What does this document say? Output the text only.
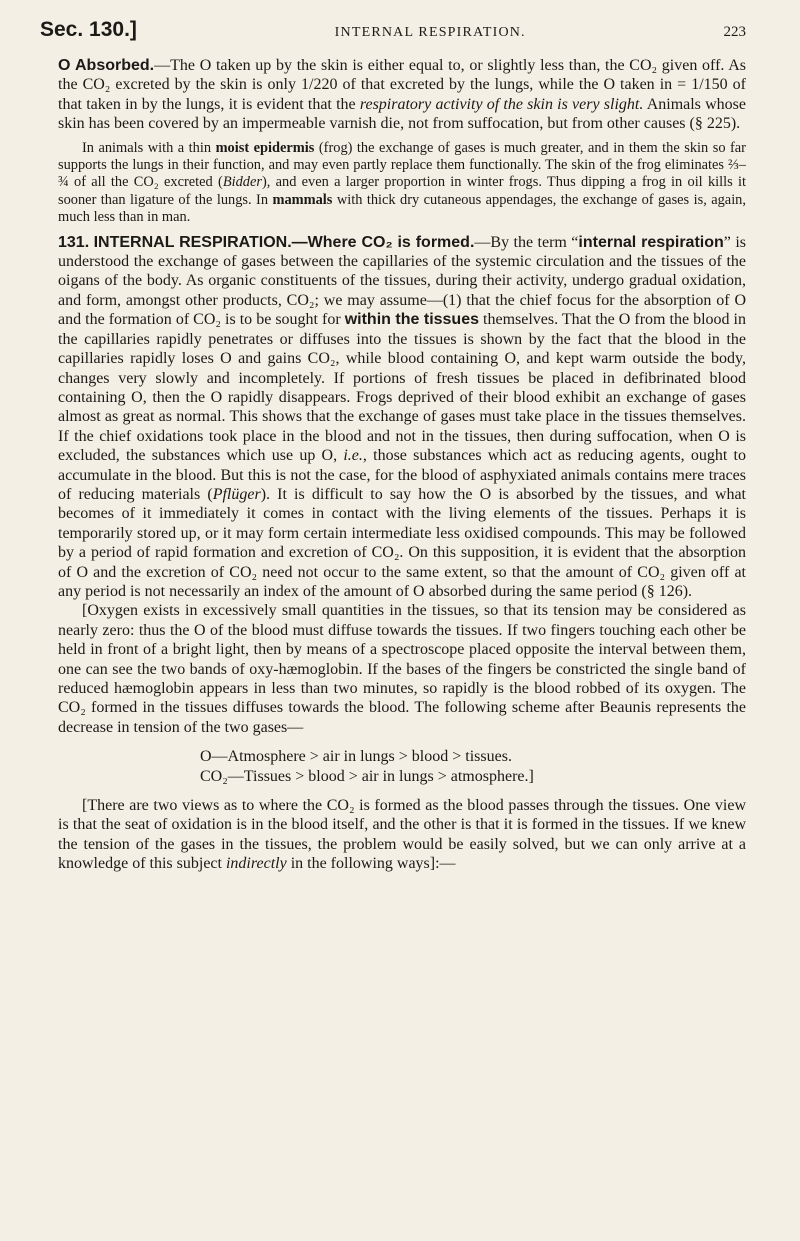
Sec. 130.]	INTERNAL RESPIRATION.	223

O Absorbed.—The O taken up by the skin is either equal to, or slightly less than, the CO₂ given off. As the CO₂ excreted by the skin is only 1/220 of that excreted by the lungs, while the O taken in = 1/150 of that taken in by the lungs, it is evident that the respiratory activity of the skin is very slight. Animals whose skin has been covered by an impermeable varnish die, not from suffocation, but from other causes (§ 225).

In animals with a thin moist epidermis (frog) the exchange of gases is much greater, and in them the skin so far supports the lungs in their function, and may even partly replace them functionally. The skin of the frog eliminates ⅔–¾ of all the CO₂ excreted (Bidder), and even a larger proportion in winter frogs. Thus dipping a frog in oil kills it sooner than ligature of the lungs. In mammals with thick dry cutaneous appendages, the exchange of gases is, again, much less than in man.

131. INTERNAL RESPIRATION.—Where CO₂ is formed.—By the term “internal respiration” is understood the exchange of gases between the capillaries of the systemic circulation and the tissues of the oigans of the body. As organic constituents of the tissues, during their activity, undergo gradual oxidation, and form, amongst other products, CO₂; we may assume—(1) that the chief focus for the absorption of O and the formation of CO₂ is to be sought for within the tissues themselves. That the O from the blood in the capillaries rapidly penetrates or diffuses into the tissues is shown by the fact that the blood in the capillaries rapidly loses O and gains CO₂, while blood containing O, and kept warm outside the body, changes very slowly and incompletely. If portions of fresh tissues be placed in defibrinated blood containing O, then the O rapidly disappears. Frogs deprived of their blood exhibit an exchange of gases almost as great as normal. This shows that the exchange of gases must take place in the tissues themselves. If the chief oxidations took place in the blood and not in the tissues, then during suffocation, when O is excluded, the substances which use up O, i.e., those substances which act as reducing agents, ought to accumulate in the blood. But this is not the case, for the blood of asphyxiated animals contains mere traces of reducing materials (Pflüger). It is difficult to say how the O is absorbed by the tissues, and what becomes of it immediately it comes in contact with the living elements of the tissues. Perhaps it is temporarily stored up, or it may form certain intermediate less oxidised compounds. This may be followed by a period of rapid formation and excretion of CO₂. On this supposition, it is evident that the absorption of O and the excretion of CO₂ need not occur to the same extent, so that the amount of CO₂ given off at any period is not necessarily an index of the amount of O absorbed during the same period (§ 126).

[Oxygen exists in excessively small quantities in the tissues, so that its tension may be considered as nearly zero: thus the O of the blood must diffuse towards the tissues. If two fingers touching each other be held in front of a bright light, then by means of a spectroscope placed opposite the interval between them, one can see the two bands of oxy-hæmoglobin. If the bases of the fingers be constricted the single band of reduced hæmoglobin appears in less than two minutes, so rapidly is the blood robbed of its oxygen. The CO₂ formed in the tissues diffuses towards the blood. The following scheme after Beaunis represents the decrease in tension of the two gases—

O—Atmosphere > air in lungs > blood > tissues.
CO₂—Tissues > blood > air in lungs > atmosphere.]

[There are two views as to where the CO₂ is formed as the blood passes through the tissues. One view is that the seat of oxidation is in the blood itself, and the other is that it is formed in the tissues. If we knew the tension of the gases in the tissues, the problem would be easily solved, but we can only arrive at a knowledge of this subject indirectly in the following ways]:—
